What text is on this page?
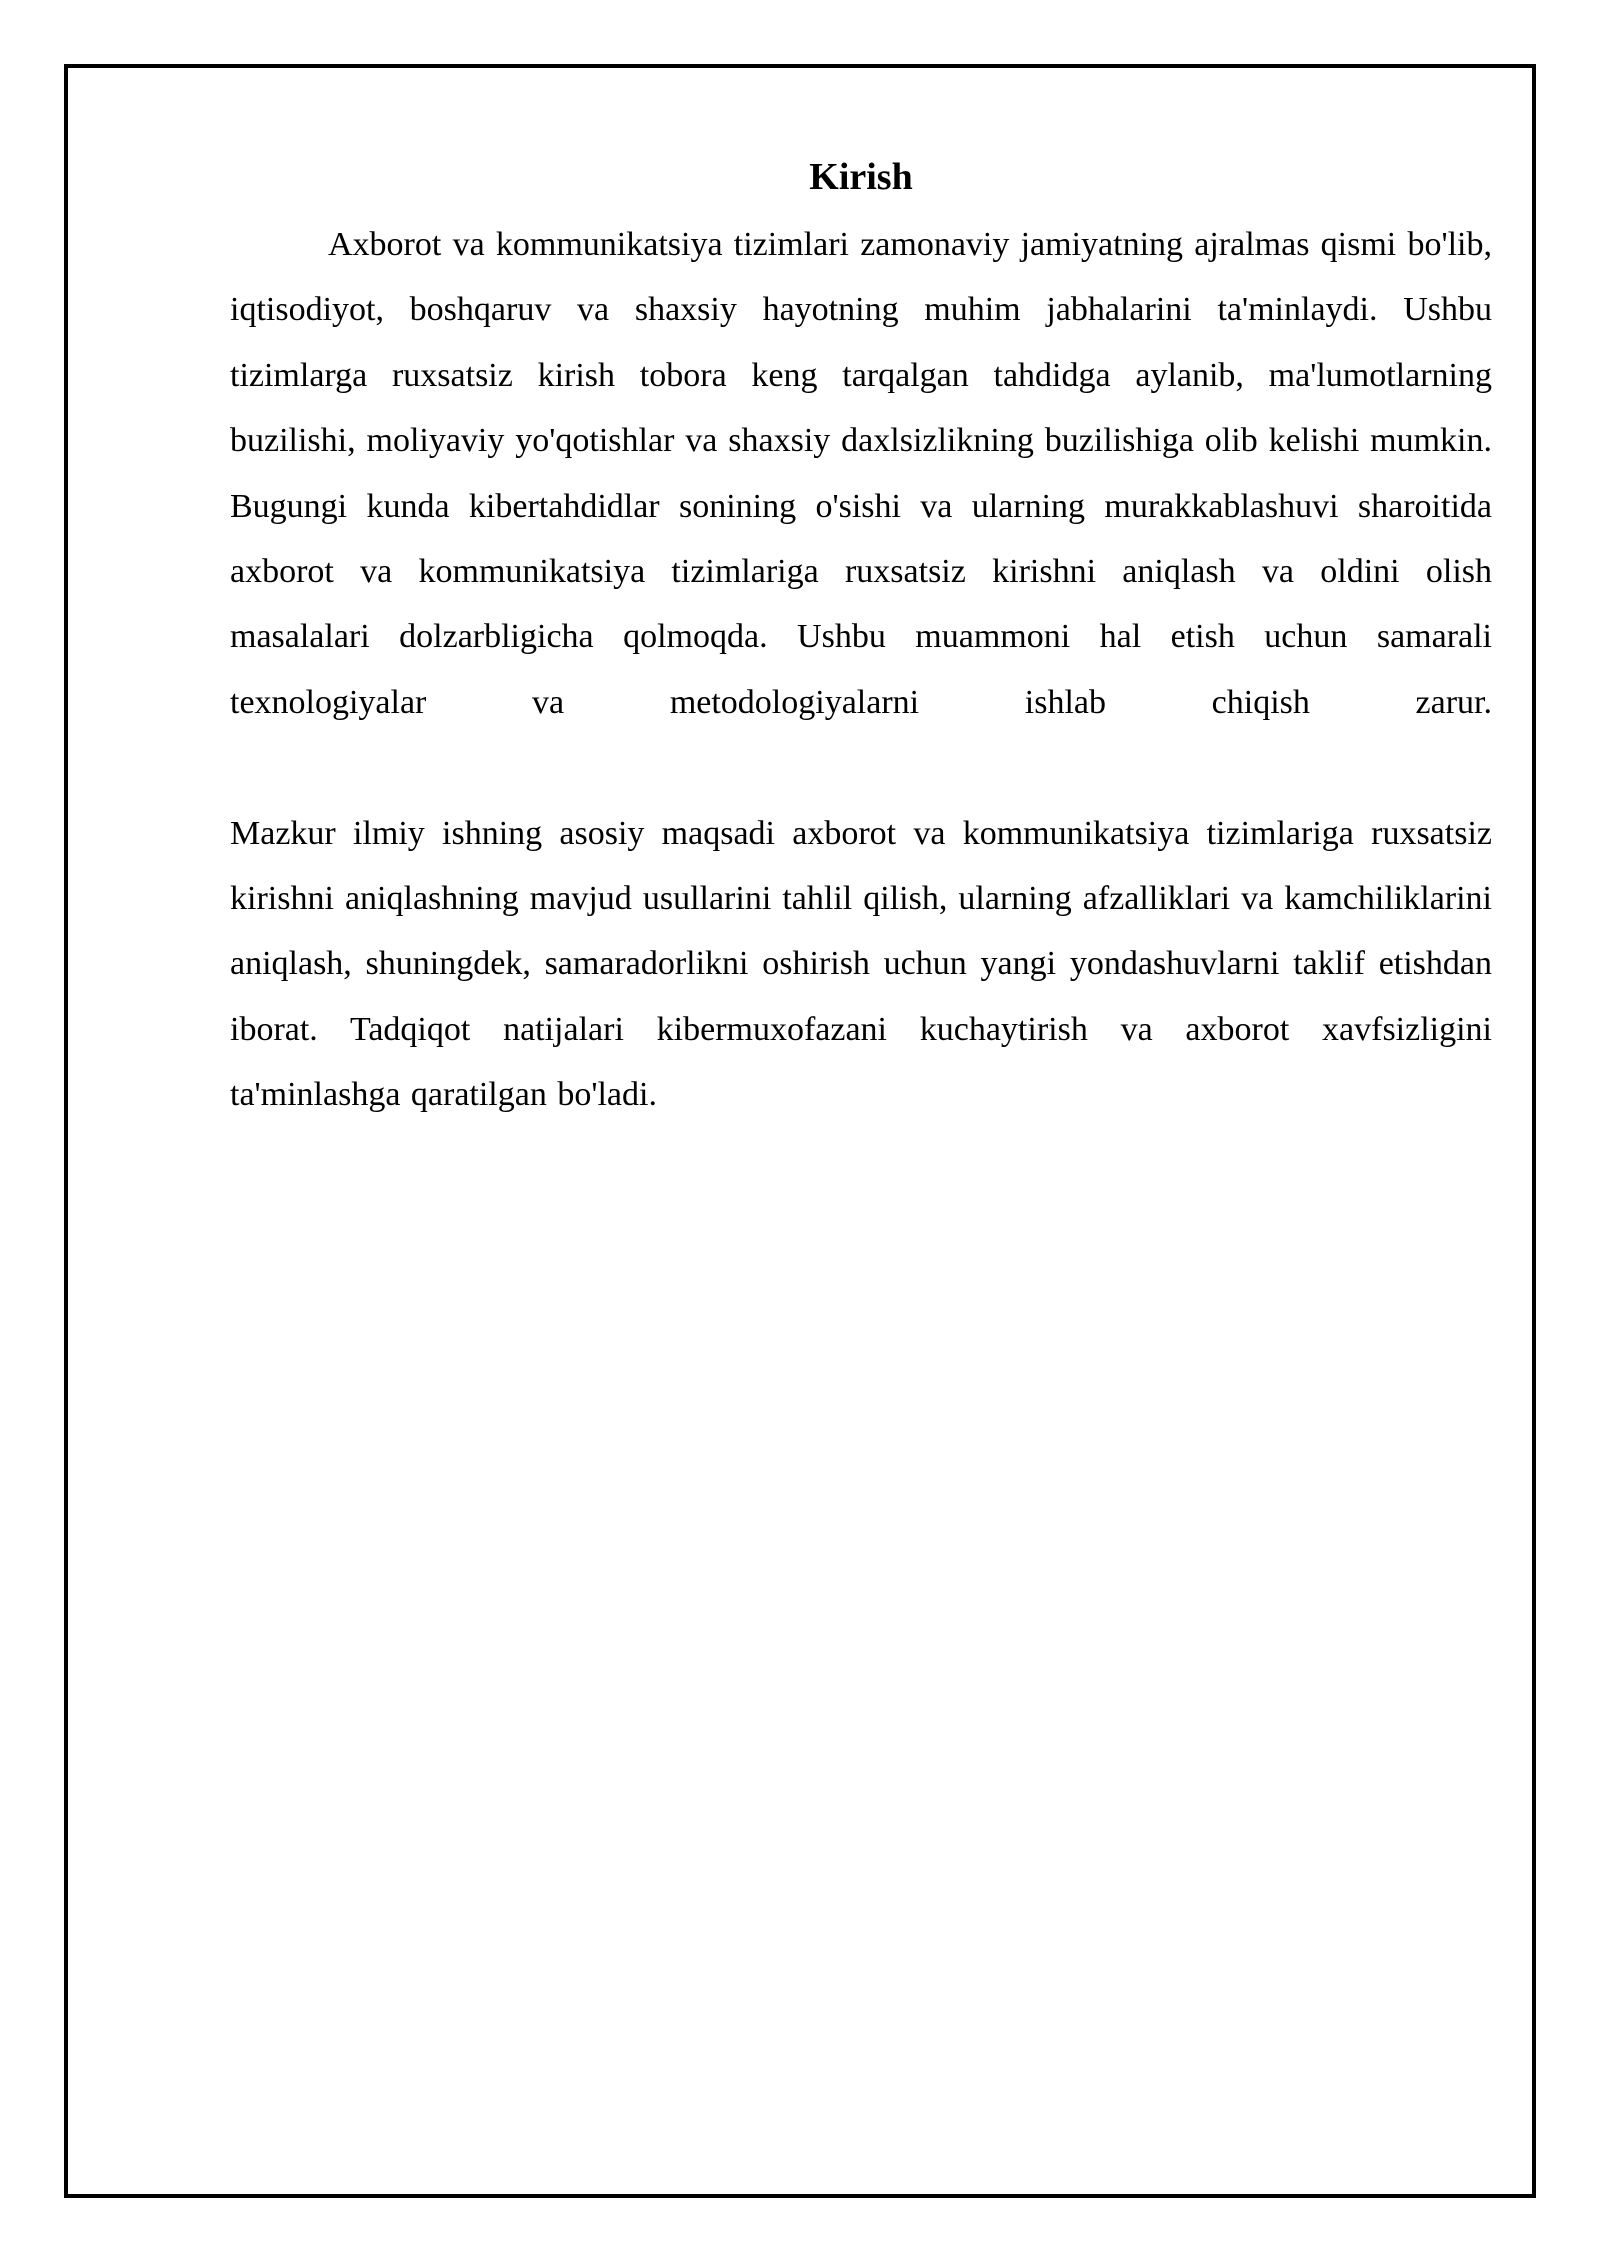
Kirish

Axborot va kommunikatsiya tizimlari zamonaviy jamiyatning ajralmas qismi bo'lib, iqtisodiyot, boshqaruv va shaxsiy hayotning muhim jabhalarini ta'minlaydi. Ushbu tizimlarga ruxsatsiz kirish tobora keng tarqalgan tahdidga aylanib, ma'lumotlarning buzilishi, moliyaviy yo'qotishlar va shaxsiy daxlsizlikning buzilishiga olib kelishi mumkin. Bugungi kunda kibertahdidlar sonining o'sishi va ularning murakkablashuvi sharoitida axborot va kommunikatsiya tizimlariga ruxsatsiz kirishni aniqlash va oldini olish masalalari dolzarbligicha qolmoqda. Ushbu muammoni hal etish uchun samarali texnologiyalar va metodologiyalarni ishlab chiqish zarur.

Mazkur ilmiy ishning asosiy maqsadi axborot va kommunikatsiya tizimlariga ruxsatsiz kirishni aniqlashning mavjud usullarini tahlil qilish, ularning afzalliklari va kamchiliklarini aniqlash, shuningdek, samaradorlikni oshirish uchun yangi yondashuvlarni taklif etishdan iborat. Tadqiqot natijalari kibermuxofazani kuchaytirish va axborot xavfsizligini ta'minlashga qaratilgan bo'ladi.
